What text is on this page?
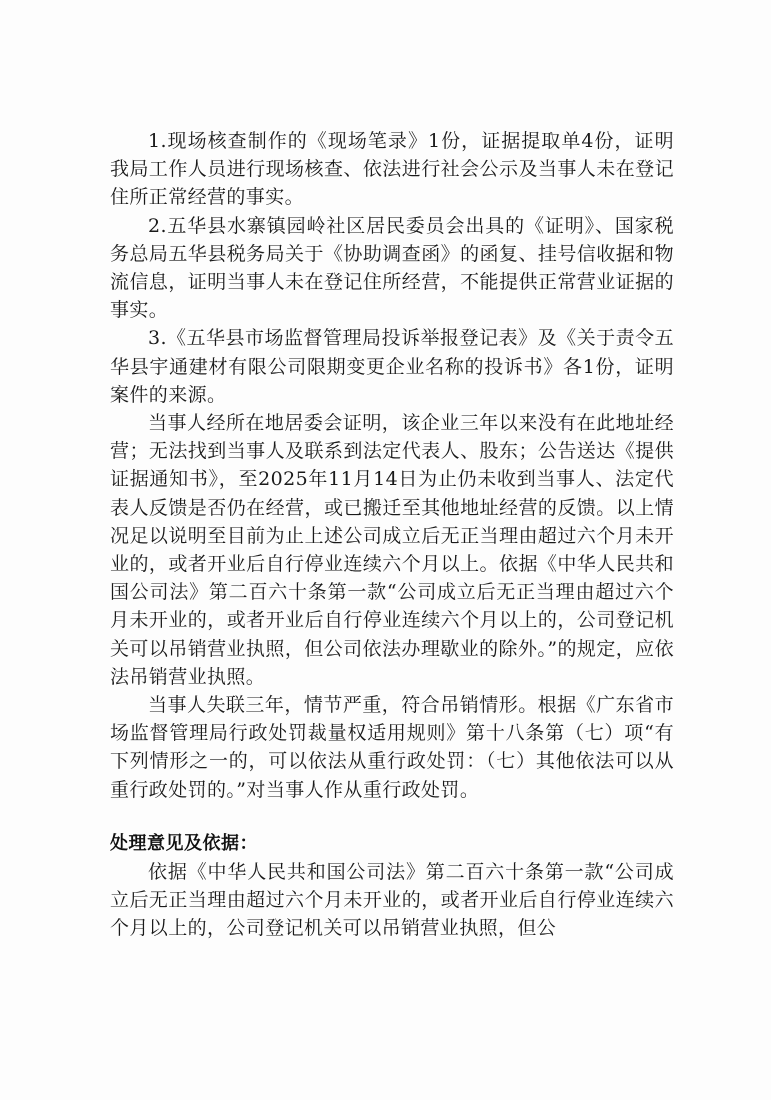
1.现场核查制作的《现场笔录》1份，证据提取单4份，证明我局工作人员进行现场核查、依法进行社会公示及当事人未在登记住所正常经营的事实。

2.五华县水寨镇园岭社区居民委员会出具的《证明》、国家税务总局五华县税务局关于《协助调查函》的函复、挂号信收据和物流信息，证明当事人未在登记住所经营，不能提供正常营业证据的事实。

3.《五华县市场监督管理局投诉举报登记表》及《关于责令五华县宇通建材有限公司限期变更企业名称的投诉书》各1份，证明案件的来源。

当事人经所在地居委会证明，该企业三年以来没有在此地址经营；无法找到当事人及联系到法定代表人、股东；公告送达《提供证据通知书》，至2025年11月14日为止仍未收到当事人、法定代表人反馈是否仍在经营，或已搬迁至其他地址经营的反馈。以上情况足以说明至目前为止上述公司成立后无正当理由超过六个月未开业的，或者开业后自行停业连续六个月以上。依据《中华人民共和国公司法》第二百六十条第一款“公司成立后无正当理由超过六个月未开业的，或者开业后自行停业连续六个月以上的，公司登记机关可以吊销营业执照，但公司依法办理歇业的除外。”的规定，应依法吊销营业执照。

当事人失联三年，情节严重，符合吊销情形。根据《广东省市场监督管理局行政处罚裁量权适用规则》第十八条第（七）项“有下列情形之一的，可以依法从重行政处罚：（七）其他依法可以从重行政处罚的。”对当事人作从重行政处罚。

处理意见及依据：

依据《中华人民共和国公司法》第二百六十条第一款“公司成立后无正当理由超过六个月未开业的，或者开业后自行停业连续六个月以上的，公司登记机关可以吊销营业执照，但公
